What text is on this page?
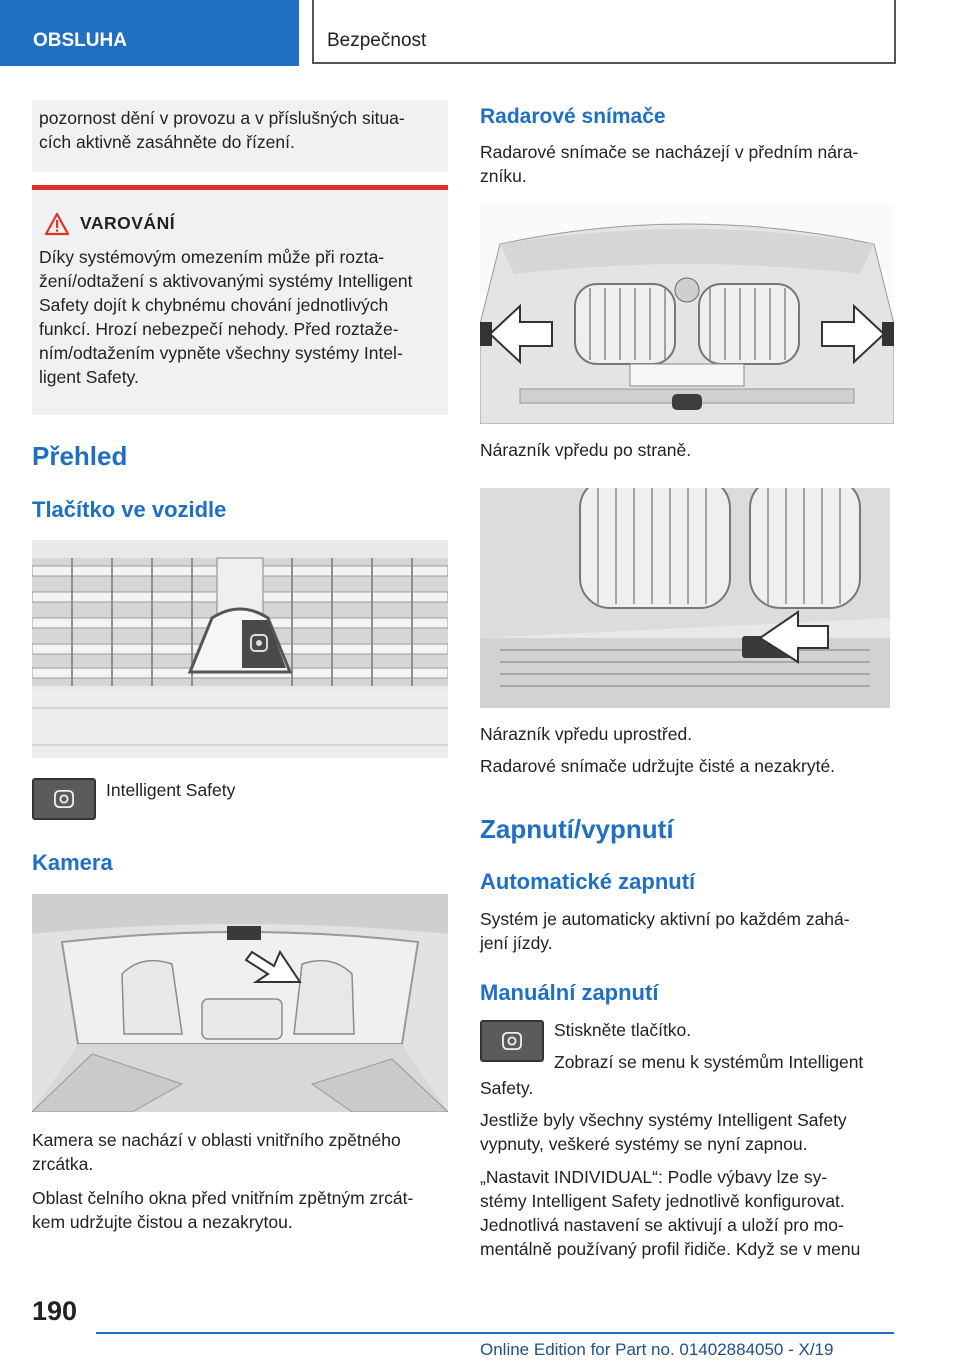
OBSLUHA	Bezpečnost
pozornost dění v provozu a v příslušných situa-
cích aktivně zasáhněte do řízení.
VAROVÁNÍ
Díky systémovým omezením může při rozta-
žení/odtažení s aktivovanými systémy Intelligent
Safety dojít k chybnému chování jednotlivých
funkcí. Hrozí nebezpečí nehody. Před roztaže-
ním/odtažením vypněte všechny systémy Intel-
ligent Safety.
Přehled
Tlačítko ve vozidle
Intelligent Safety
Kamera
Kamera se nachází v oblasti vnitřního zpětného
zrcátka.
Oblast čelního okna před vnitřním zpětným zrcát-
kem udržujte čistou a nezakrytou.
Radarové snímače
Radarové snímače se nacházejí v předním nára-
zníku.
Nárazník vpředu po straně.
Nárazník vpředu uprostřed.
Radarové snímače udržujte čisté a nezakryté.
Zapnutí/vypnutí
Automatické zapnutí
Systém je automaticky aktivní po každém zahá-
jení jízdy.
Manuální zapnutí
Stiskněte tlačítko.
Zobrazí se menu k systémům Intelligent
Safety.
Jestliže byly všechny systémy Intelligent Safety
vypnuty, veškeré systémy se nyní zapnou.
„Nastavit INDIVIDUAL“: Podle výbavy lze sy-
stémy Intelligent Safety jednotlivě konfigurovat.
Jednotlivá nastavení se aktivují a uloží pro mo-
mentálně používaný profil řidiče. Když se v menu
190
Online Edition for Part no. 01402884050 - X/19
